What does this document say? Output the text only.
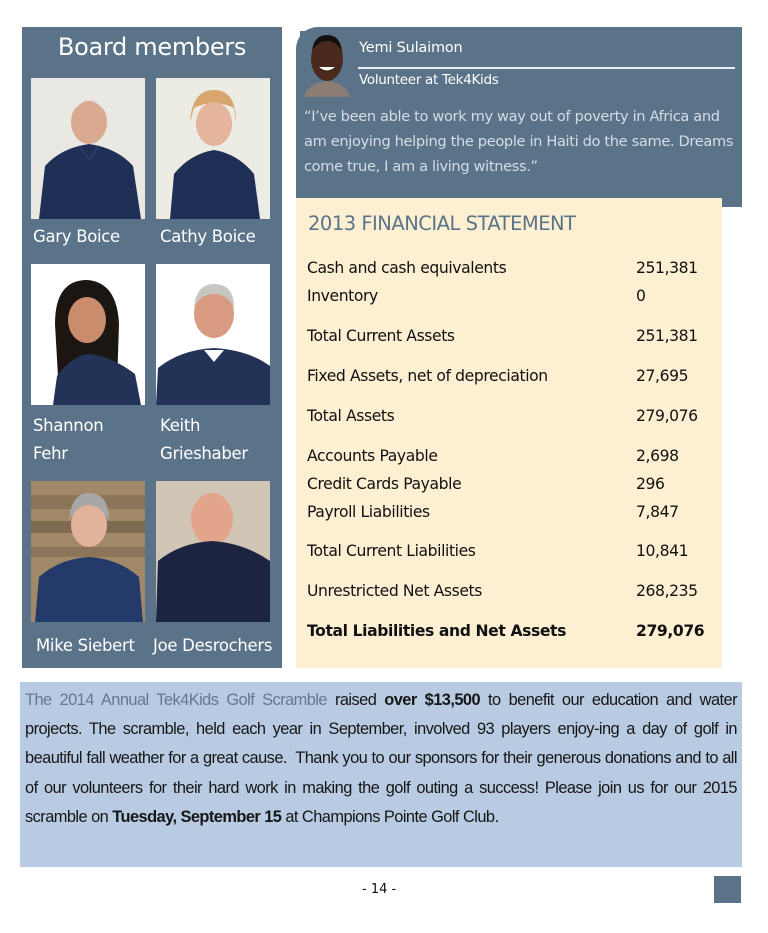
Board members
Gary Boice Cathy Boice
Shannon
Fehr
Keith
Grieshaber
Mike Siebert Joe Desrochers
Yemi Sulaimon
Volunteer at Tek4Kids
“I’ve been able to work my way out of poverty in Africa and am enjoying helping the people in Haiti do the same. Dreams come true, I am a living witness.”
2013 FINANCIAL STATEMENT
Cash and cash equivalents	251,381
Inventory	0
Total Current Assets	251,381
Fixed Assets, net of depreciation	27,695
Total Assets	279,076
Accounts Payable	2,698
Credit Cards Payable	296
Payroll Liabilities	7,847
Total Current Liabilities	10,841
Unrestricted Net Assets	268,235
Total Liabilities and Net Assets	279,076

The 2014 Annual Tek4Kids Golf Scramble raised over $13,500 to benefit our education and water projects. The scramble, held each year in September, involved 93 players enjoy-ing a day of golf in beautiful fall weather for a great cause.  Thank you to our sponsors for their generous donations and to all of our volunteers for their hard work in making the golf outing a success! Please join us for our 2015 scramble on Tuesday, September 15 at Champions Pointe Golf Club.

- 14 -
